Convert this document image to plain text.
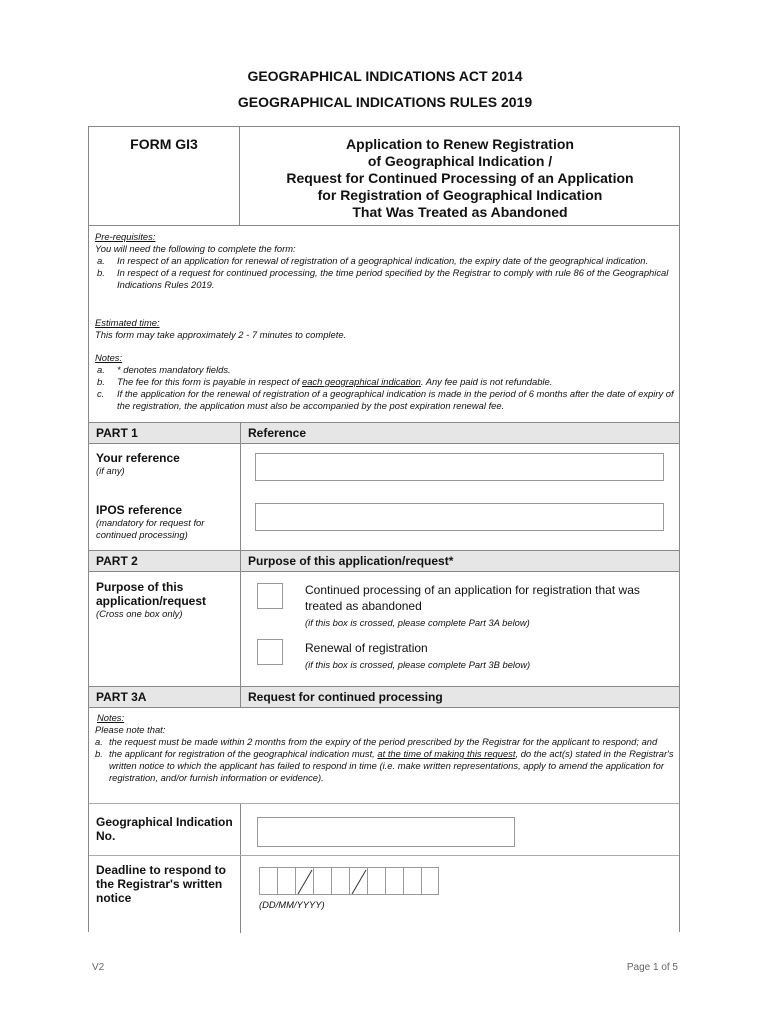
GEOGRAPHICAL INDICATIONS ACT 2014
GEOGRAPHICAL INDICATIONS RULES 2019
FORM GI3	Application to Renew Registration
of Geographical Indication /
Request for Continued Processing of an Application
for Registration of Geographical Indication
That Was Treated as Abandoned
Pre-requisites:
You will need the following to complete the form:
a. In respect of an application for renewal of registration of a geographical indication, the expiry date of the geographical indication.
b. In respect of a request for continued processing, the time period specified by the Registrar to comply with rule 86 of the Geographical Indications Rules 2019.
Estimated time:
This form may take approximately 2 - 7 minutes to complete.
Notes:
a. * denotes mandatory fields.
b. The fee for this form is payable in respect of each geographical indication. Any fee paid is not refundable.
c. If the application for the renewal of registration of a geographical indication is made in the period of 6 months after the date of expiry of the registration, the application must also be accompanied by the post expiration renewal fee.
PART 1	Reference
Your reference
(if any)
IPOS reference
(mandatory for request for continued processing)
PART 2	Purpose of this application/request*
Purpose of this application/request
(Cross one box only)
Continued processing of an application for registration that was treated as abandoned
(if this box is crossed, please complete Part 3A below)
Renewal of registration
(if this box is crossed, please complete Part 3B below)
PART 3A	Request for continued processing
Notes:
Please note that:
a. the request must be made within 2 months from the expiry of the period prescribed by the Registrar for the applicant to respond; and
b. the applicant for registration of the geographical indication must, at the time of making this request, do the act(s) stated in the Registrar's written notice to which the applicant has failed to respond in time (i.e. make written representations, apply to amend the application for registration, and/or furnish information or evidence).
Geographical Indication No.
Deadline to respond to the Registrar's written notice	(DD/MM/YYYY)
V2	Page 1 of 5
